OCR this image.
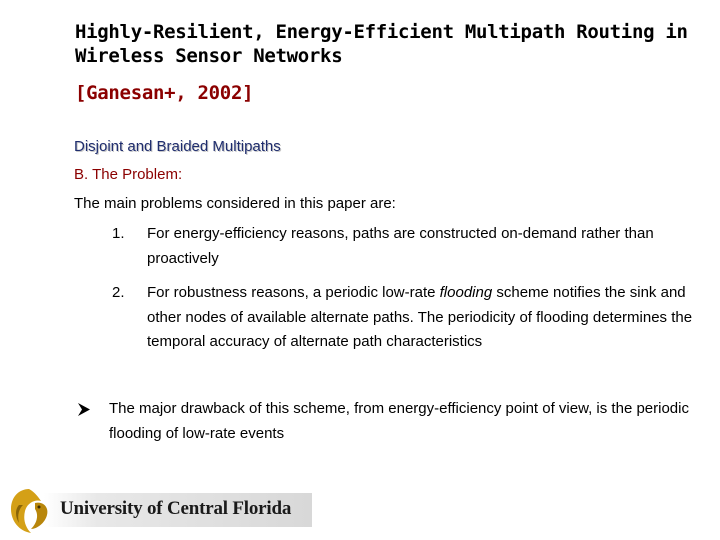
Highly-Resilient, Energy-Efficient Multipath Routing in Wireless Sensor Networks
[Ganesan+, 2002]
Disjoint and Braided Multipaths
B. The Problem:
The main problems considered in this paper are:
1. For energy-efficiency reasons, paths are constructed on-demand rather than proactively
2. For robustness reasons, a periodic low-rate flooding scheme notifies the sink and other nodes of available alternate paths. The periodicity of flooding determines the temporal accuracy of alternate path characteristics
The major drawback of this scheme, from energy-efficiency point of view, is the periodic flooding of low-rate events
University of Central Florida
